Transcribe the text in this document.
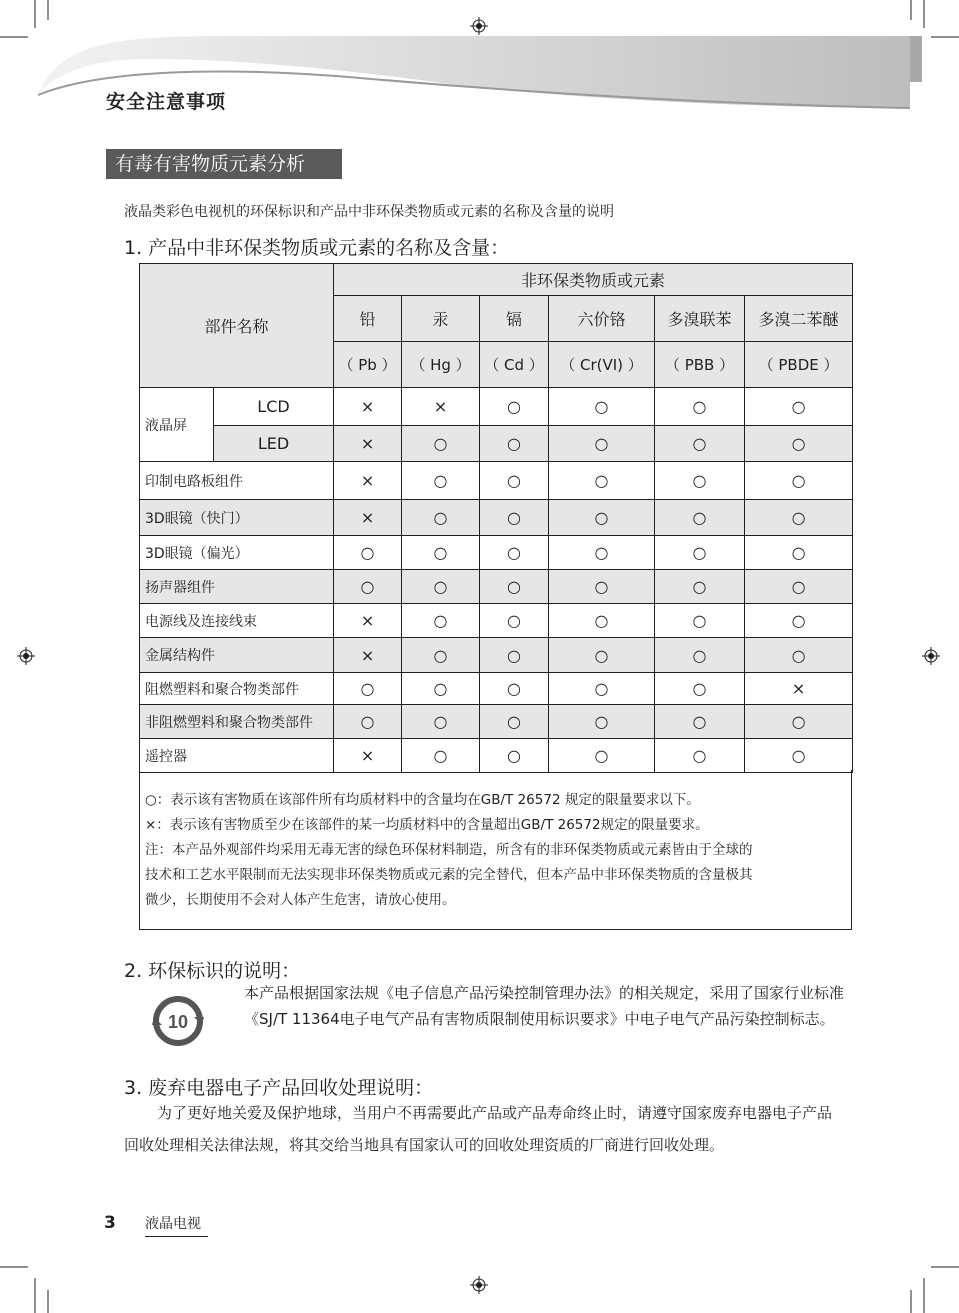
安全注意事项
有毒有害物质元素分析
液晶类彩色电视机的环保标识和产品中非环保类物质或元素的名称及含量的说明
1. 产品中非环保类物质或元素的名称及含量：
部件名称		非环保类物质或元素					
		铅	汞	镉	六价铬	多溴联苯	多溴二苯醚
		（ Pb ）	（ Hg ）	（ Cd ）	（ Cr(VI) ）	（ PBB ）	（ PBDE ）
液晶屏	LCD	×	×	○	○	○	○
	LED	×	○	○	○	○	○
印制电路板组件		×	○	○	○	○	○
3D眼镜（快门）		×	○	○	○	○	○
3D眼镜（偏光）		○	○	○	○	○	○
扬声器组件		○	○	○	○	○	○
电源线及连接线束		×	○	○	○	○	○
金属结构件		×	○	○	○	○	○
阻燃塑料和聚合物类部件		○	○	○	○	○	×
非阻燃塑料和聚合物类部件		○	○	○	○	○	○
遥控器		×	○	○	○	○	○
○：表示该有害物质在该部件所有均质材料中的含量均在GB/T 26572 规定的限量要求以下。
×：表示该有害物质至少在该部件的某一均质材料中的含量超出GB/T 26572规定的限量要求。
注：本产品外观部件均采用无毒无害的绿色环保材料制造，所含有的非环保类物质或元素皆由于全球的
技术和工艺水平限制而无法实现非环保类物质或元素的完全替代，但本产品中非环保类物质的含量极其
微少，长期使用不会对人体产生危害，请放心使用。
2. 环保标识的说明：
10
本产品根据国家法规《电子信息产品污染控制管理办法》的相关规定，采用了国家行业标准《SJ/T 11364电子电气产品有害物质限制使用标识要求》中电子电气产品污染控制标志。
3. 废弃电器电子产品回收处理说明：
为了更好地关爱及保护地球，当用户不再需要此产品或产品寿命终止时，请遵守国家废弃电器电子产品回收处理相关法律法规，将其交给当地具有国家认可的回收处理资质的厂商进行回收处理。
3 液晶电视
